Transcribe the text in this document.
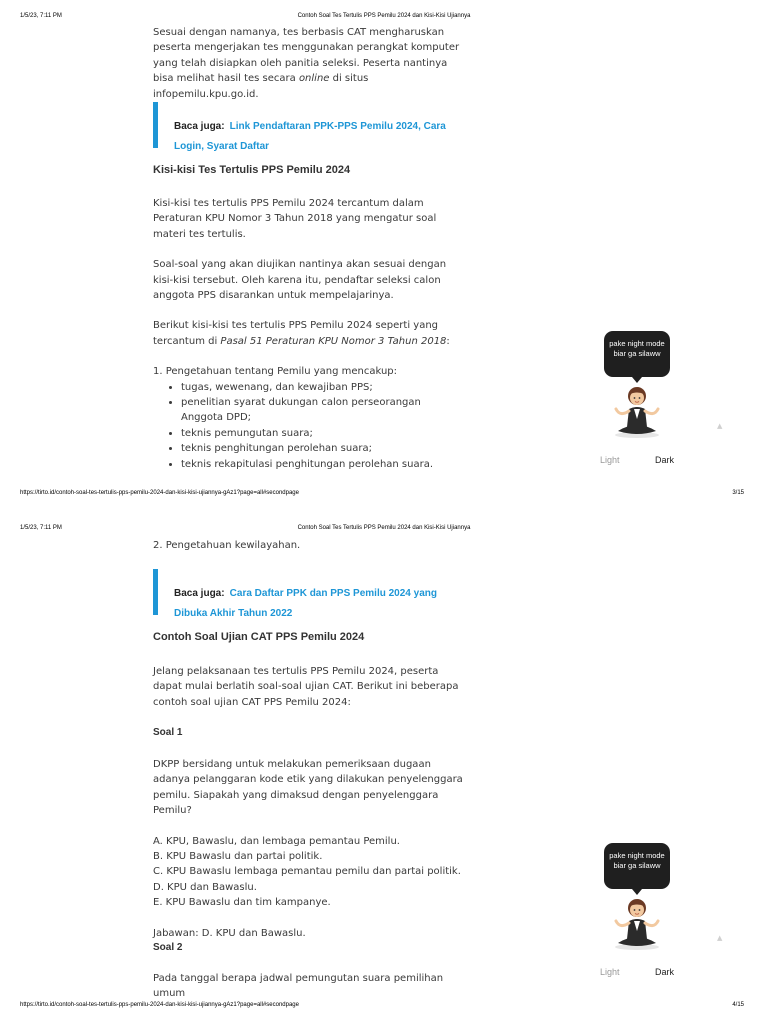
1/5/23, 7:11 PM	Contoh Soal Tes Tertulis PPS Pemilu 2024 dan Kisi-Kisi Ujiannya

Sesuai dengan namanya, tes berbasis CAT mengharuskan peserta mengerjakan tes menggunakan perangkat komputer yang telah disiapkan oleh panitia seleksi. Peserta nantinya bisa melihat hasil tes secara online di situs infopemilu.kpu.go.id.

Baca juga: Link Pendaftaran PPK-PPS Pemilu 2024, Cara Login, Syarat Daftar
Kisi-kisi Tes Tertulis PPS Pemilu 2024

Kisi-kisi tes tertulis PPS Pemilu 2024 tercantum dalam Peraturan KPU Nomor 3 Tahun 2018 yang mengatur soal materi tes tertulis.

Soal-soal yang akan diujikan nantinya akan sesuai dengan kisi-kisi tersebut. Oleh karena itu, pendaftar seleksi calon anggota PPS disarankan untuk mempelajarinya.

Berikut kisi-kisi tes tertulis PPS Pemilu 2024 seperti yang tercantum di Pasal 51 Peraturan KPU Nomor 3 Tahun 2018:

1. Pengetahuan tentang Pemilu yang mencakup:

• tugas, wewenang, dan kewajiban PPS;
• penelitian syarat dukungan calon perseorangan Anggota DPD;
• teknis pemungutan suara;
• teknis penghitungan perolehan suara;
• teknis rekapitulasi penghitungan perolehan suara.
pake night mode biar ga silaww
Light	Dark
▲
https://tirto.id/contoh-soal-tes-tertulis-pps-pemilu-2024-dan-kisi-kisi-ujiannya-gAz1?page=all#secondpage	3/15
1/5/23, 7:11 PM	Contoh Soal Tes Tertulis PPS Pemilu 2024 dan Kisi-Kisi Ujiannya

2. Pengetahuan kewilayahan.

Baca juga: Cara Daftar PPK dan PPS Pemilu 2024 yang Dibuka Akhir Tahun 2022
Contoh Soal Ujian CAT PPS Pemilu 2024

Jelang pelaksanaan tes tertulis PPS Pemilu 2024, peserta dapat mulai berlatih soal-soal ujian CAT. Berikut ini beberapa contoh soal ujian CAT PPS Pemilu 2024:

Soal 1

DKPP bersidang untuk melakukan pemeriksaan dugaan adanya pelanggaran kode etik yang dilakukan penyelenggara pemilu. Siapakah yang dimaksud dengan penyelenggara Pemilu?

A. KPU, Bawaslu, dan lembaga pemantau Pemilu.

B. KPU Bawaslu dan partai politik.

C. KPU Bawaslu lembaga pemantau pemilu dan partai politik.

D. KPU dan Bawaslu.

E. KPU Bawaslu dan tim kampanye.

Jabawan: D. KPU dan Bawaslu.

Soal 2

Pada tanggal berapa jadwal pemungutan suara pemilihan umum

pake night mode biar ga silaww
Light	Dark
▲
https://tirto.id/contoh-soal-tes-tertulis-pps-pemilu-2024-dan-kisi-kisi-ujiannya-gAz1?page=all#secondpage	4/15
